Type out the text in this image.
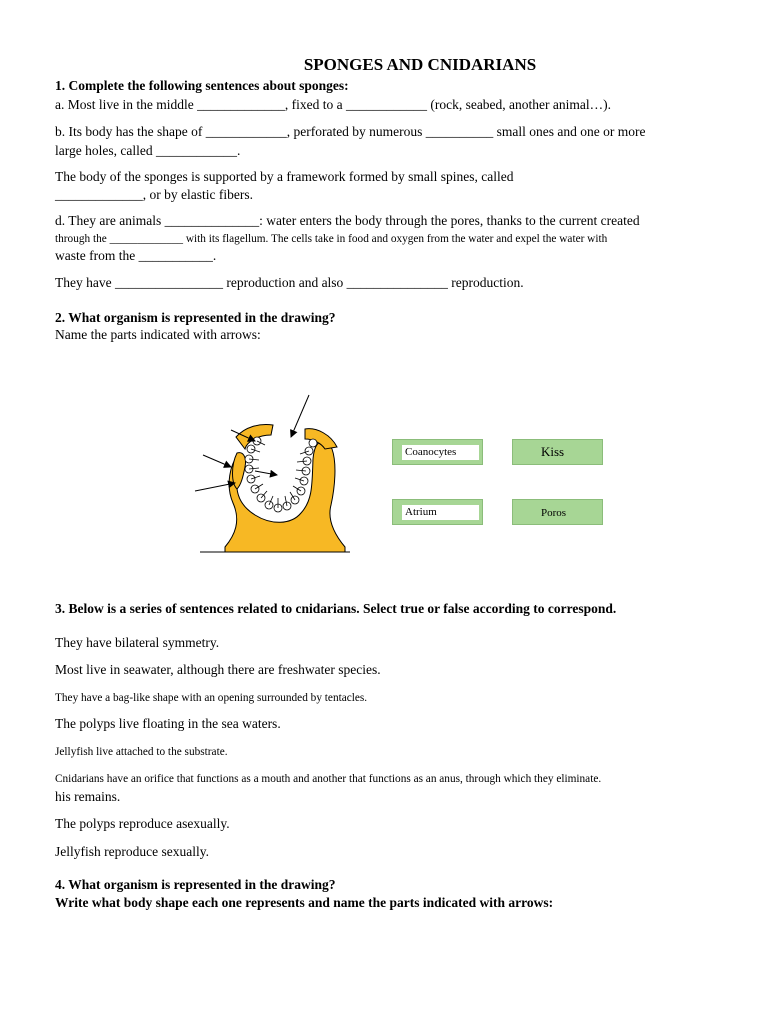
SPONGES AND CNIDARIANS
1. Complete the following sentences about sponges:
a. Most live in the middle _____________, fixed to a ____________ (rock, seabed, another animal…).
b. Its body has the shape of ____________, perforated by numerous __________ small ones and one or more
large holes, called ____________.
The body of the sponges is supported by a framework formed by small spines, called
_____________, or by elastic fibers.
d. They are animals ______________: water enters the body through the pores, thanks to the current created
through the _____________ with its flagellum. The cells take in food and oxygen from the water and expel the water with
waste from the ___________.
They have ________________ reproduction and also _______________ reproduction.
2. What organism is represented in the drawing?
Name the parts indicated with arrows:
Coanocytes	Kiss
Atrium	Poros
3. Below is a series of sentences related to cnidarians. Select true or false according to correspond.
They have bilateral symmetry.
Most live in seawater, although there are freshwater species.
They have a bag-like shape with an opening surrounded by tentacles.
The polyps live floating in the sea waters.
Jellyfish live attached to the substrate.
Cnidarians have an orifice that functions as a mouth and another that functions as an anus, through which they eliminate.
his remains.
The polyps reproduce asexually.
Jellyfish reproduce sexually.
4. What organism is represented in the drawing?
Write what body shape each one represents and name the parts indicated with arrows:
